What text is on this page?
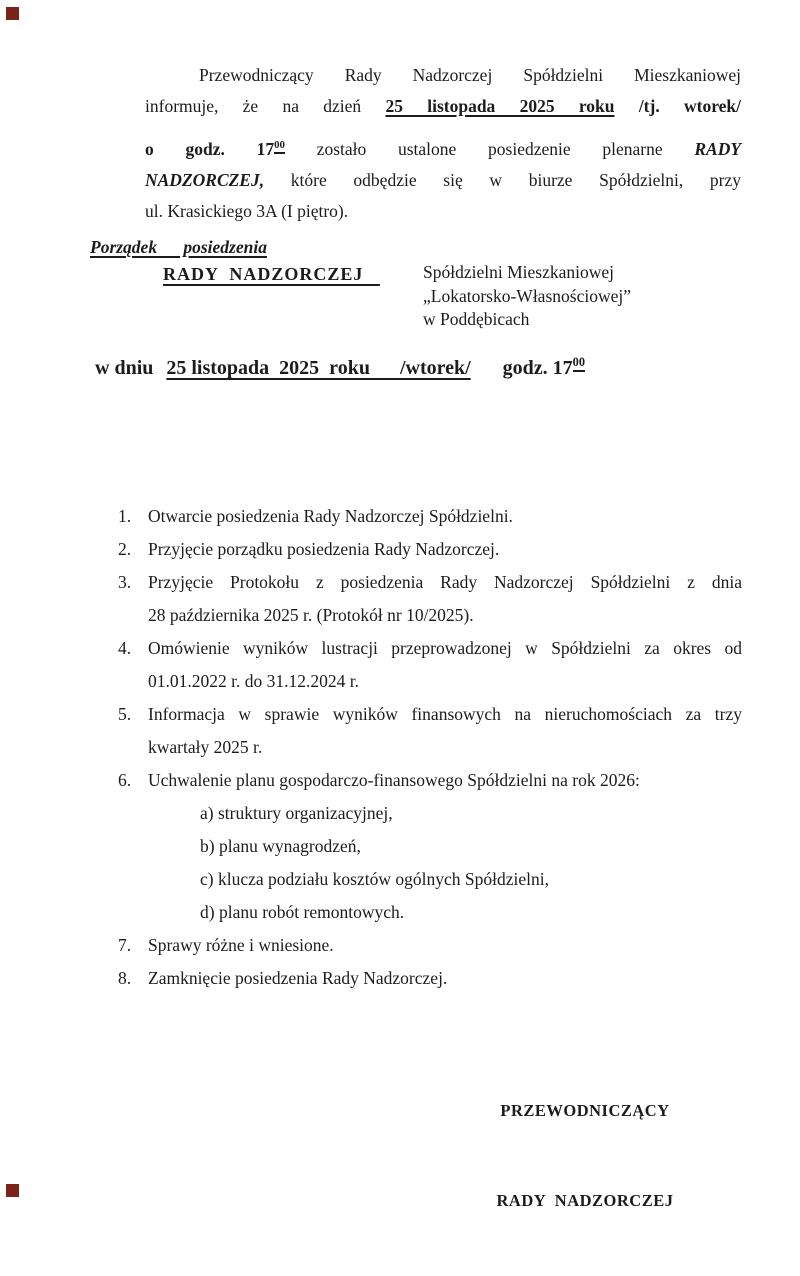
Przewodniczący Rady Nadzorczej Spółdzielni Mieszkaniowej
informuje, że na dzień 25 listopada 2025 roku /tj. wtorek/
o godz. $17^{00}$ zostało ustalone posiedzenie plenarne RADY
NADZORCZEJ, które odbędzie się w biurze Spółdzielni, przy
ul. Krasickiego 3A (I piętro).
Porządek      posiedzenia
RADY  NADZORCZEJ Spółdzielni Mieszkaniowej
„Lokatorsko-Własnościowej”
w Poddębicach
w dniu 25 listopada  2025  roku      /wtorek/ godz. $17^{00}$
1. Otwarcie posiedzenia Rady Nadzorczej Spółdzielni.
2. Przyjęcie porządku posiedzenia Rady Nadzorczej.
3. Przyjęcie Protokołu z posiedzenia Rady Nadzorczej Spółdzielni z dnia
28 października 2025 r. (Protokół nr 10/2025).
4. Omówienie wyników lustracji przeprowadzonej w Spółdzielni za okres od
01.01.2022 r. do 31.12.2024 r.
5. Informacja w sprawie wyników finansowych na nieruchomościach za trzy
kwartały 2025 r.
6. Uchwalenie planu gospodarczo-finansowego Spółdzielni na rok 2026:
a) struktury organizacyjnej,
b) planu wynagrodzeń,
c) klucza podziału kosztów ogólnych Spółdzielni,
d) planu robót remontowych.
7. Sprawy różne i wniesione.
8. Zamknięcie posiedzenia Rady Nadzorczej.

PRZEWODNICZĄCY

RADY  NADZORCZEJ
